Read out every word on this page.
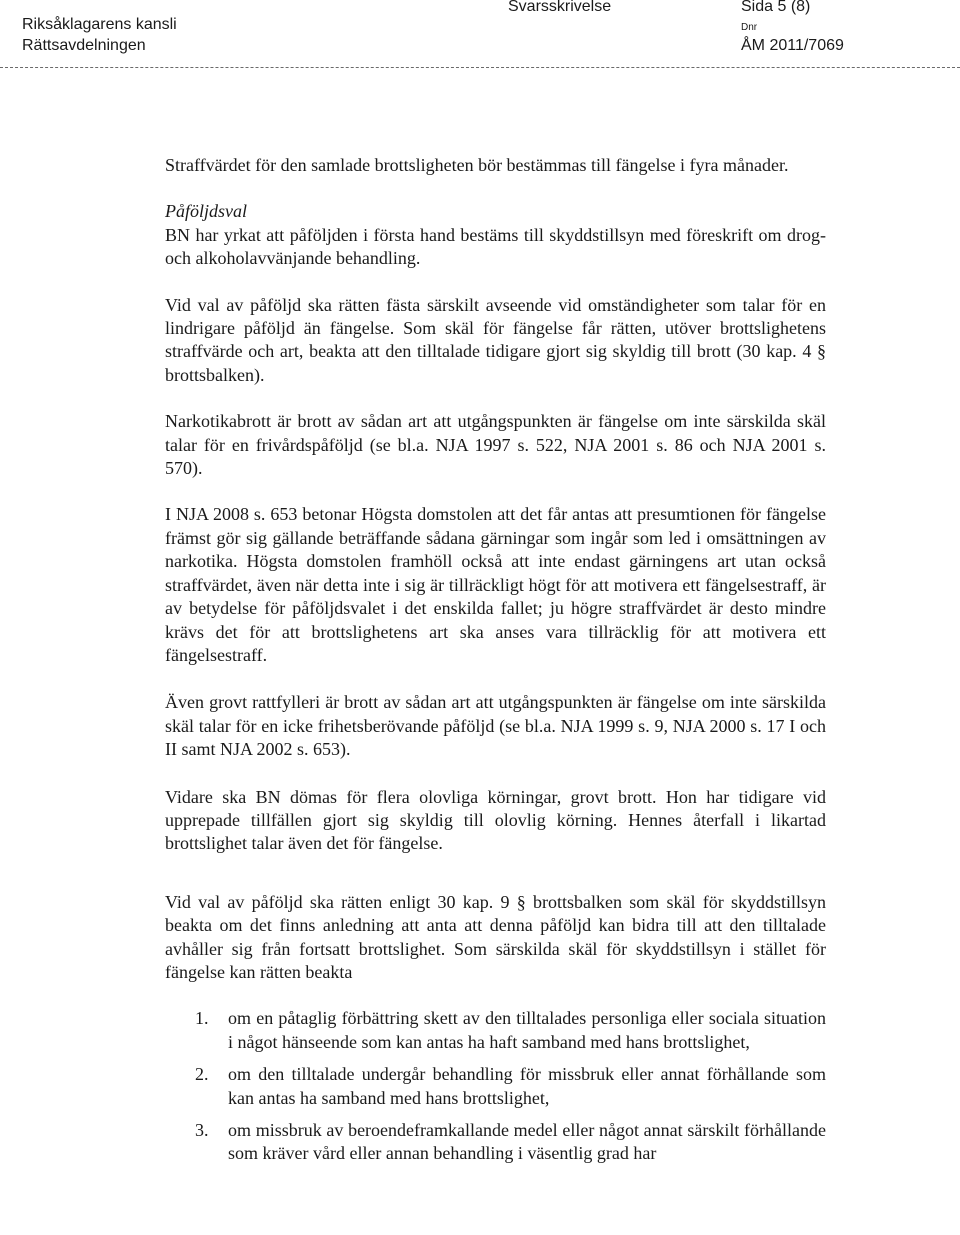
Riksåklagarens kansli
Rättsavdelningen
Svarsskrivelse	Sida 5 (8)
Dnr
ÅM 2011/7069

Straffvärdet för den samlade brottsligheten bör bestämmas till fängelse i fyra månader.

Påföljdsval

BN har yrkat att påföljden i första hand bestäms till skyddstillsyn med föreskrift om drog- och alkoholavvänjande behandling.

Vid val av påföljd ska rätten fästa särskilt avseende vid omständigheter som talar för en lindrigare påföljd än fängelse. Som skäl för fängelse får rätten, utöver brottslighetens straffvärde och art, beakta att den tilltalade tidigare gjort sig skyldig till brott (30 kap. 4 § brottsbalken).

Narkotikabrott är brott av sådan art att utgångspunkten är fängelse om inte särskilda skäl talar för en frivårdspåföljd (se bl.a. NJA 1997 s. 522, NJA 2001 s. 86 och NJA 2001 s. 570).

I NJA 2008 s. 653 betonar Högsta domstolen att det får antas att presumtionen för fängelse främst gör sig gällande beträffande sådana gärningar som ingår som led i omsättningen av narkotika. Högsta domstolen framhöll också att inte endast gärningens art utan också straffvärdet, även när detta inte i sig är tillräckligt högt för att motivera ett fängelsestraff, är av betydelse för påföljdsvalet i det enskilda fallet; ju högre straffvärdet är desto mindre krävs det för att brottslighetens art ska anses vara tillräcklig för att motivera ett fängelsestraff.

Även grovt rattfylleri är brott av sådan art att utgångspunkten är fängelse om inte särskilda skäl talar för en icke frihetsberövande påföljd (se bl.a. NJA 1999 s. 9, NJA 2000 s. 17 I och II samt NJA 2002 s. 653).

Vidare ska BN dömas för flera olovliga körningar, grovt brott. Hon har tidigare vid upprepade tillfällen gjort sig skyldig till olovlig körning. Hennes återfall i likartad brottslighet talar även det för fängelse.

Vid val av påföljd ska rätten enligt 30 kap. 9 § brottsbalken som skäl för skyddstillsyn beakta om det finns anledning att anta att denna påföljd kan bidra till att den tilltalade avhåller sig från fortsatt brottslighet. Som särskilda skäl för skyddstillsyn i stället för fängelse kan rätten beakta

1. om en påtaglig förbättring skett av den tilltalades personliga eller sociala situation i något hänseende som kan antas ha haft samband med hans brottslighet,
2. om den tilltalade undergår behandling för missbruk eller annat förhållande som kan antas ha samband med hans brottslighet,
3. om missbruk av beroendeframkallande medel eller något annat särskilt förhållande som kräver vård eller annan behandling i väsentlig grad har
